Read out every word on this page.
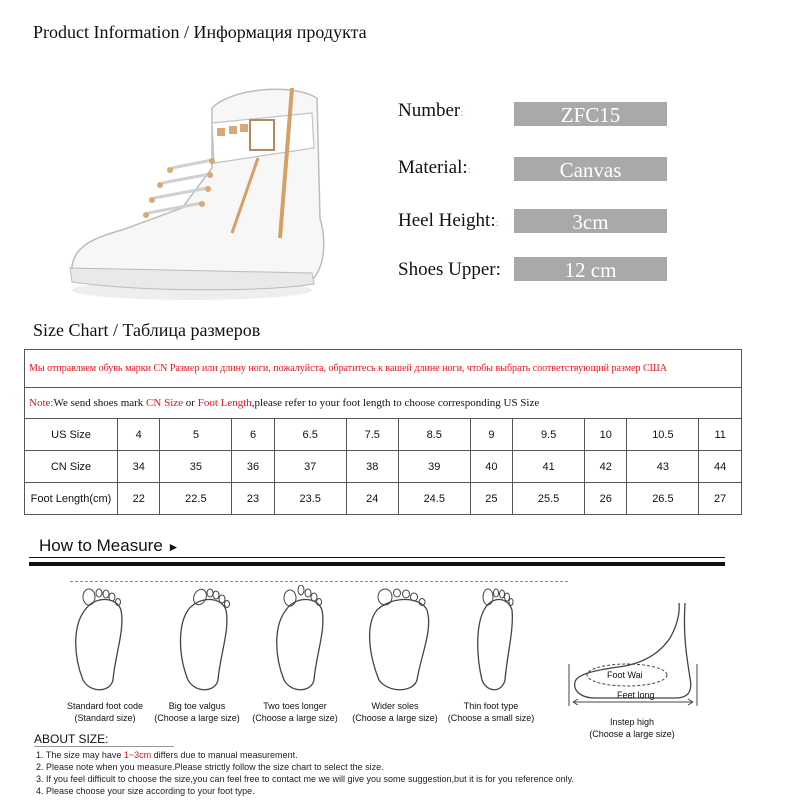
Product Information / Информация продукта
Number:	ZFC15
Material::	Canvas
Heel Height::	3cm
Shoes Upper:	12 cm
Size Chart / Таблица размеров
Мы отправляем обувь марки CN Размер или длину ноги, пожалуйста, обратитесь к вашей длине ноги, чтобы выбрать соответствующий размер США											
Note:We send shoes mark CN Size or Foot Length,please refer to your foot length to choose corresponding US Size											
US Size	4	5	6	6.5	7.5	8.5	9	9.5	10	10.5	11
CN Size	34	35	36	37	38	39	40	41	42	43	44
Foot Length(cm)	22	22.5	23	23.5	24	24.5	25	25.5	26	26.5	27
How to Measure ►
Standard foot code
(Standard size)
Big toe valgus
(Choose a large size)
Two toes longer
(Choose a large size)
Wider soles
(Choose a large size)
Thin foot type
(Choose a small size)
Foot Wai
Feet long
Instep high
(Choose a large size)
ABOUT SIZE:
1. The size may have 1~3cm differs due to manual measurement.
2. Please note when you measure.Please strictly follow the size chart to select the size.
3. If you feel difficult to choose the size,you can feel free to contact me we will give you some suggestion,but it is for you reference only.
4. Please choose your size according to your foot type.
